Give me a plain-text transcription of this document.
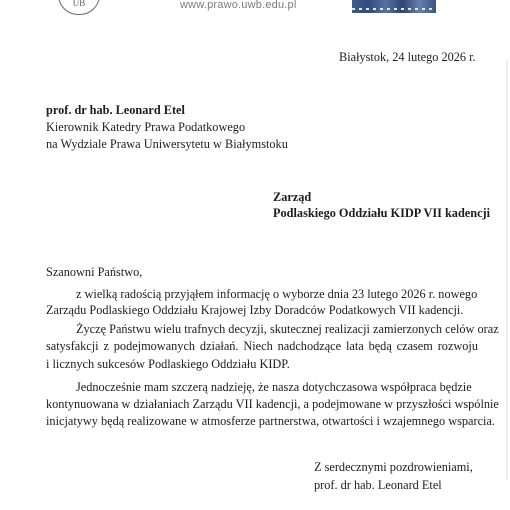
UB	www.prawo.uwb.edu.pl
Białystok, 24 lutego 2026 r.
prof. dr hab. Leonard Etel
Kierownik Katedry Prawa Podatkowego
na Wydziale Prawa Uniwersytetu w Białymstoku
Zarząd
Podlaskiego Oddziału KIDP VII kadencji
Szanowni Państwo,
z wielką radością przyjąłem informację o wyborze dnia 23 lutego 2026 r. nowego
Zarządu Podlaskiego Oddziału Krajowej Izby Doradców Podatkowych VII kadencji.
Życzę Państwu wielu trafnych decyzji, skutecznej realizacji zamierzonych celów oraz
satysfakcji z podejmowanych działań. Niech nadchodzące lata będą czasem rozwoju
i licznych sukcesów Podlaskiego Oddziału KIDP.
Jednocześnie mam szczerą nadzieję, że nasza dotychczasowa współpraca będzie
kontynuowana w działaniach Zarządu VII kadencji, a podejmowane w przyszłości wspólnie
inicjatywy będą realizowane w atmosferze partnerstwa, otwartości i wzajemnego wsparcia.
Z serdecznymi pozdrowieniami,
prof. dr hab. Leonard Etel
